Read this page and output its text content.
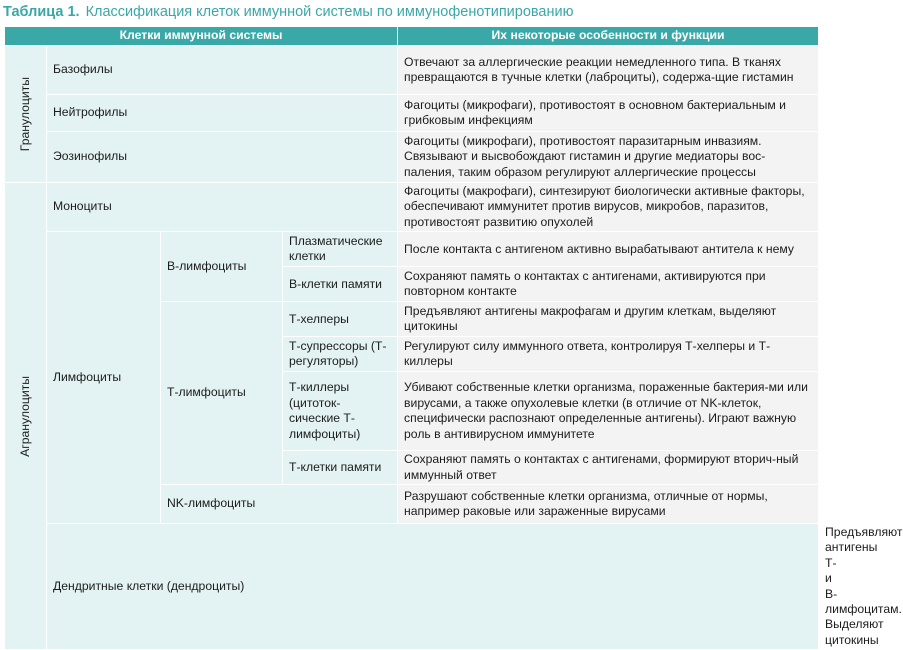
Таблица 1. Классификация клеток иммунной системы по иммунофенотипированию
Клетки иммунной системы				Их некоторые особенности и функции	

Гранулоциты	Базофилы			Отвечают за аллергические реакции немедленного типа. В тканях превращаются в тучные клетки (лаброциты), содержа-щие гистамин	
	Нейтрофилы			Фагоциты (микрофаги), противостоят в основном бактериальным и грибковым инфекциям	
	Эозинофилы			Фагоциты (микрофаги), противостоят паразитарным инвазиям. Связывают и высвобождают гистамин и другие медиаторы вос-паления, таким образом регулируют аллергические процессы	

Агранулоциты	Моноциты			Фагоциты (макрофаги), синтезируют биологически активные факторы, обеспечивают иммунитет против вирусов, микробов, паразитов, противостоят развитию опухолей	
	Лимфоциты	В-лимфоциты	Плазматические клетки	После контакта с антигеном активно вырабатывают антитела к нему	
			В-клетки памяти	Сохраняют память о контактах с антигенами, активируются при повторном контакте	
		Т-лимфоциты	Т-хелперы	Предъявляют антигены макрофагам и другим клеткам, выделяют цитокины	
			Т-супрессоры (Т-регуляторы)	Регулируют силу иммунного ответа, контролируя Т-хелперы и Т-киллеры	
			Т-киллеры (цитоток-сические Т-лимфоциты)	Убивают собственные клетки организма, пораженные бактерия-ми или вирусами, а также опухолевые клетки (в отличие от NK-клеток, специфически распознают определенные антигены). Играют важную роль в антивирусном иммунитете	
			Т-клетки памяти	Сохраняют память о контактах с антигенами, формируют вторич-ный иммунный ответ	
		NK-лимфоциты		Разрушают собственные клетки организма, отличные от нормы, например раковые или зараженные вирусами	
	Дендритные клетки (дендроциты)				Предъявляют антигены Т- и В-лимфоцитам. Выделяют цитокины
